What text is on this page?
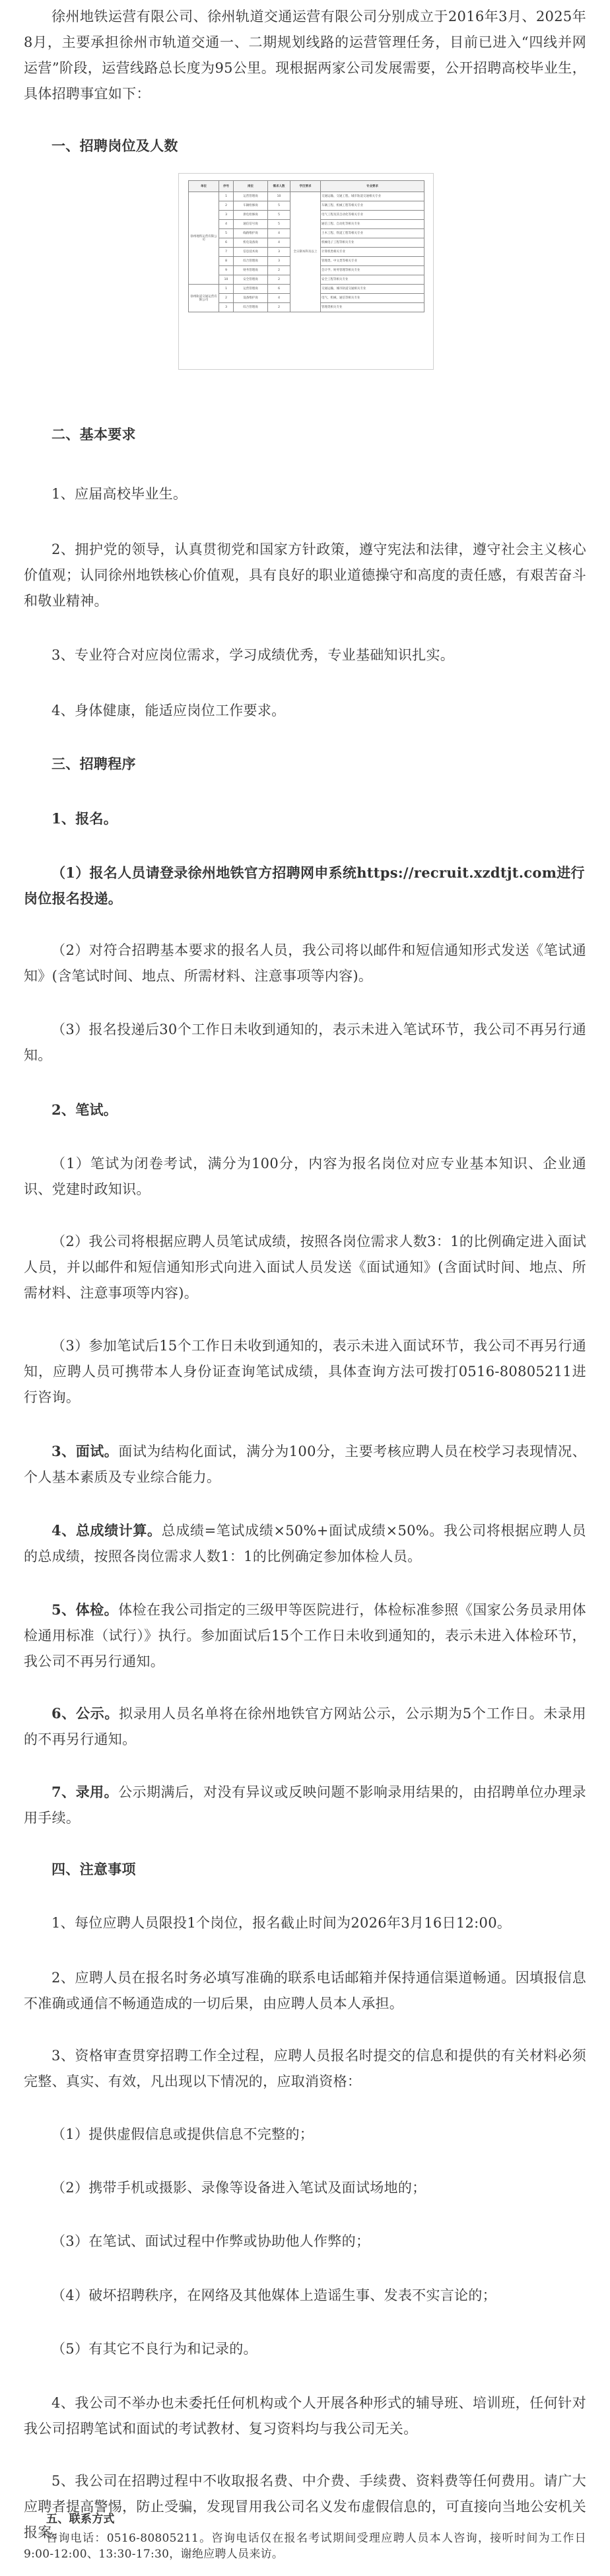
徐州地铁运营有限公司、徐州轨道交通运营有限公司分别成立于2016年3月、2025年8月，主要承担徐州市轨道交通一、二期规划线路的运营管理任务，目前已进入“四线并网运营”阶段，运营线路总长度为95公里。现根据两家公司发展需要，公开招聘高校毕业生，具体招聘事宜如下：

一、招聘岗位及人数

单位	序号	岗位	需求人数	学历要求	专业要求
徐州地铁运营有限公司	1	运营管理岗	10	全日制本科及以上	交通运输、交通工程、城市轨道交通相关专业
	2	车辆检修岗	5		车辆工程、机械工程等相关专业
	3	供电检修岗	5		电气工程及其自动化等相关专业
	4	通信信号岗	5		通信工程、自动化等相关专业
	5	线路维护岗	4		土木工程、铁道工程等相关专业
	6	机电设备岗	4		机械电子工程等相关专业
	7	信息技术岗	3		计算机类相关专业
	8	综合管理岗	3		管理类、中文类等相关专业
	9	财务管理岗	2		会计学、财务管理等相关专业
	10	安全管理岗	2		安全工程等相关专业
徐州轨道交通运营有限公司	1	运营管理岗	6		交通运输、城市轨道交通相关专业
	2	设备维护岗	4		电气、机械、通信等相关专业
	3	综合管理岗	2		管理类相关专业

二、基本要求

1、应届高校毕业生。

2、拥护党的领导，认真贯彻党和国家方针政策，遵守宪法和法律，遵守社会主义核心价值观；认同徐州地铁核心价值观，具有良好的职业道德操守和高度的责任感，有艰苦奋斗和敬业精神。

3、专业符合对应岗位需求，学习成绩优秀，专业基础知识扎实。

4、身体健康，能适应岗位工作要求。

三、招聘程序

1、报名。

（1）报名人员请登录徐州地铁官方招聘网申系统https://recruit.xzdtjt.com进行岗位报名投递。

（2）对符合招聘基本要求的报名人员，我公司将以邮件和短信通知形式发送《笔试通知》(含笔试时间、地点、所需材料、注意事项等内容)。

（3）报名投递后30个工作日未收到通知的，表示未进入笔试环节，我公司不再另行通知。

2、笔试。

（1）笔试为闭卷考试，满分为100分，内容为报名岗位对应专业基本知识、企业通识、党建时政知识。

（2）我公司将根据应聘人员笔试成绩，按照各岗位需求人数3：1的比例确定进入面试人员，并以邮件和短信通知形式向进入面试人员发送《面试通知》(含面试时间、地点、所需材料、注意事项等内容)。

（3）参加笔试后15个工作日未收到通知的，表示未进入面试环节，我公司不再另行通知，应聘人员可携带本人身份证查询笔试成绩，具体查询方法可拨打0516-80805211进行咨询。

3、面试。面试为结构化面试，满分为100分，主要考核应聘人员在校学习表现情况、个人基本素质及专业综合能力。

4、总成绩计算。总成绩=笔试成绩×50%+面试成绩×50%。我公司将根据应聘人员的总成绩，按照各岗位需求人数1：1的比例确定参加体检人员。

5、体检。体检在我公司指定的三级甲等医院进行，体检标准参照《国家公务员录用体检通用标准（试行）》执行。参加面试后15个工作日未收到通知的，表示未进入体检环节，我公司不再另行通知。

6、公示。拟录用人员名单将在徐州地铁官方网站公示，公示期为5个工作日。未录用的不再另行通知。

7、录用。公示期满后，对没有异议或反映问题不影响录用结果的，由招聘单位办理录用手续。

四、注意事项

1、每位应聘人员限投1个岗位，报名截止时间为2026年3月16日12:00。

2、应聘人员在报名时务必填写准确的联系电话邮箱并保持通信渠道畅通。因填报信息不准确或通信不畅通造成的一切后果，由应聘人员本人承担。

3、资格审查贯穿招聘工作全过程，应聘人员报名时提交的信息和提供的有关材料必须完整、真实、有效，凡出现以下情况的，应取消资格：

（1）提供虚假信息或提供信息不完整的；

（2）携带手机或摄影、录像等设备进入笔试及面试场地的；

（3）在笔试、面试过程中作弊或协助他人作弊的；

（4）破坏招聘秩序，在网络及其他媒体上造谣生事、发表不实言论的；

（5）有其它不良行为和记录的。

4、我公司不举办也未委托任何机构或个人开展各种形式的辅导班、培训班，任何针对我公司招聘笔试和面试的考试教材、复习资料均与我公司无关。

5、我公司在招聘过程中不收取报名费、中介费、手续费、资料费等任何费用。请广大应聘者提高警惕，防止受骗，发现冒用我公司名义发布虚假信息的，可直接向当地公安机关报案。

五、联系方式

咨询电话：0516-80805211。咨询电话仅在报名考试期间受理应聘人员本人咨询，接听时间为工作日9:00-12:00、13:30-17:30，谢绝应聘人员来访。
